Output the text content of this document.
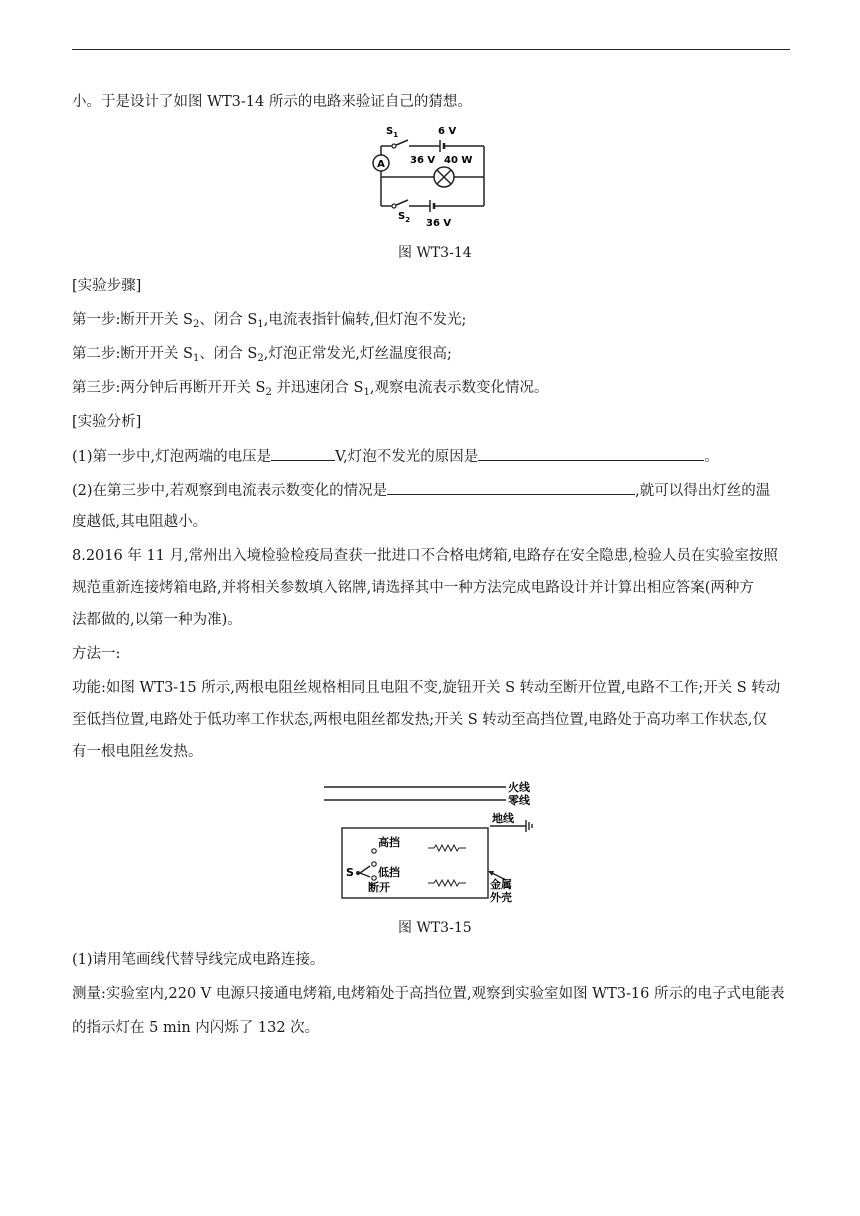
小。于是设计了如图 WT3-14 所示的电路来验证自己的猜想。
A
$S_1$	6 V
36 V 40 W
$S_2$ 36 V
图 WT3-14
[实验步骤]
第一步:断开开关 $S_2$、闭合 $S_1$,电流表指针偏转,但灯泡不发光;
第二步:断开开关 $S_1$、闭合 $S_2$,灯泡正常发光,灯丝温度很高;
第三步:两分钟后再断开开关 $S_2$ 并迅速闭合 $S_1$,观察电流表示数变化情况。
[实验分析]
(1)第一步中,灯泡两端的电压是	V,灯泡不发光的原因是	。
(2)在第三步中,若观察到电流表示数变化的情况是	,就可以得出灯丝的温
度越低,其电阻越小。
8.2016 年 11 月,常州出入境检验检疫局查获一批进口不合格电烤箱,电路存在安全隐患,检验人员在实验室按照
规范重新连接烤箱电路,并将相关参数填入铭牌,请选择其中一种方法完成电路设计并计算出相应答案(两种方
法都做的,以第一种为准)。
方法一:
功能:如图 WT3-15 所示,两根电阻丝规格相同且电阻不变,旋钮开关 S 转动至断开位置,电路不工作;开关 S 转动
至低挡位置,电路处于低功率工作状态,两根电阻丝都发热;开关 S 转动至高挡位置,电路处于高功率工作状态,仅
有一根电阻丝发热。
火线
零线
地线
高挡
低挡
断开
S
金属
外壳
图 WT3-15
(1)请用笔画线代替导线完成电路连接。
测量:实验室内,220 V 电源只接通电烤箱,电烤箱处于高挡位置,观察到实验室如图 WT3-16 所示的电子式电能表
的指示灯在 5 min 内闪烁了 132 次。
